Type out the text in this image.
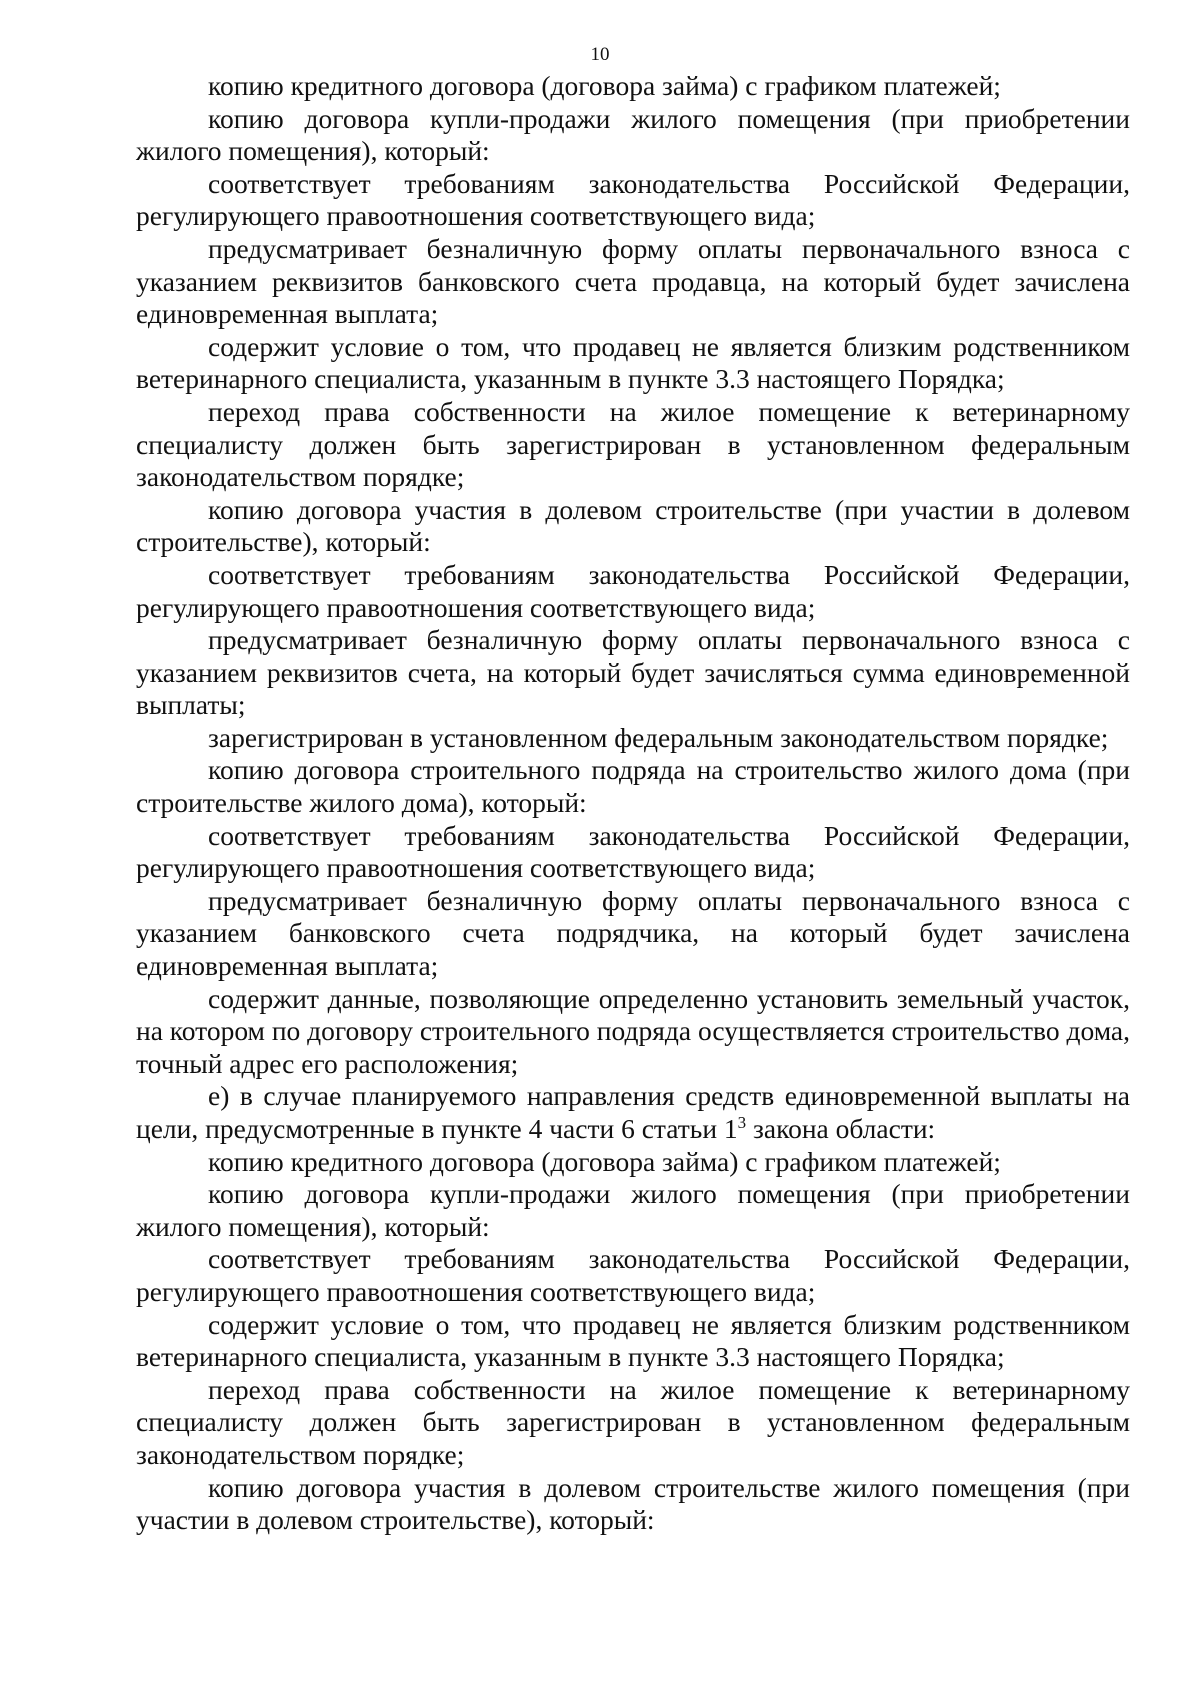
10

копию кредитного договора (договора займа) с графиком платежей;

копию договора купли-продажи жилого помещения (при приобретении жилого помещения), который:

соответствует требованиям законодательства Российской Федерации, регулирующего правоотношения соответствующего вида;

предусматривает безналичную форму оплаты первоначального взноса с указанием реквизитов банковского счета продавца, на который будет зачислена единовременная выплата;

содержит условие о том, что продавец не является близким родственником ветеринарного специалиста, указанным в пункте 3.3 настоящего Порядка;

переход права собственности на жилое помещение к ветеринарному специалисту должен быть зарегистрирован в установленном федеральным законодательством порядке;

копию договора участия в долевом строительстве (при участии в долевом строительстве), который:

соответствует требованиям законодательства Российской Федерации, регулирующего правоотношения соответствующего вида;

предусматривает безналичную форму оплаты первоначального взноса с указанием реквизитов счета, на который будет зачисляться сумма единовременной выплаты;

зарегистрирован в установленном федеральным законодательством порядке;

копию договора строительного подряда на строительство жилого дома (при строительстве жилого дома), который:

соответствует требованиям законодательства Российской Федерации, регулирующего правоотношения соответствующего вида;

предусматривает безналичную форму оплаты первоначального взноса с указанием банковского счета подрядчика, на который будет зачислена единовременная выплата;

содержит данные, позволяющие определенно установить земельный участок, на котором по договору строительного подряда осуществляется строительство дома, точный адрес его расположения;

е) в случае планируемого направления средств единовременной выплаты на цели, предусмотренные в пункте 4 части 6 статьи $1^3$ закона области:

копию кредитного договора (договора займа) с графиком платежей;

копию договора купли-продажи жилого помещения (при приобретении жилого помещения), который:

соответствует требованиям законодательства Российской Федерации, регулирующего правоотношения соответствующего вида;

содержит условие о том, что продавец не является близким родственником ветеринарного специалиста, указанным в пункте 3.3 настоящего Порядка;

переход права собственности на жилое помещение к ветеринарному специалисту должен быть зарегистрирован в установленном федеральным законодательством порядке;

копию договора участия в долевом строительстве жилого помещения (при участии в долевом строительстве), который:
